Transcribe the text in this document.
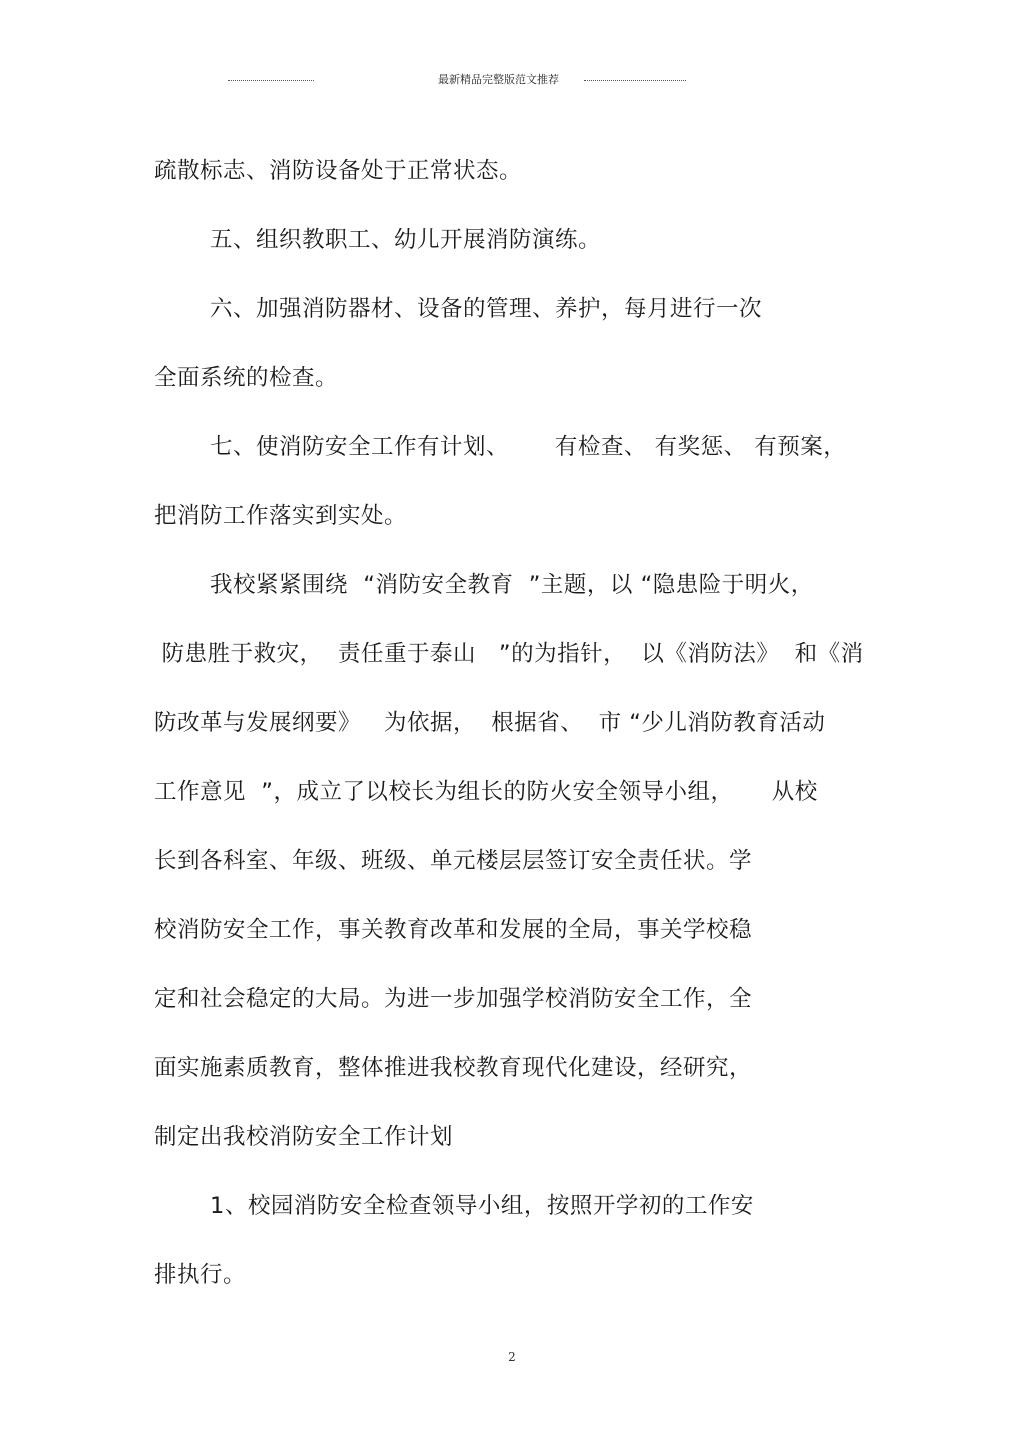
最新精品完整版范文推荐
疏散标志、消防设备处于正常状态。
五、组织教职工、幼儿开展消防演练。
六、加强消防器材、设备的管理、养护，每月进行一次
全面系统的检查。
七、使消防安全工作有计划、      有检查、 有奖惩、 有预案，
把消防工作落实到实处。
我校紧紧围绕  “消防安全教育  ”主题，以 “隐患险于明火，
防患胜于救灾，  责任重于泰山   ”的为指针，  以《消防法》  和《消
防改革与发展纲要》   为依据，  根据省、  市 “少儿消防教育活动
工作意见  ”，成立了以校长为组长的防火安全领导小组，     从校
长到各科室、年级、班级、单元楼层层签订安全责任状。学
校消防安全工作，事关教育改革和发展的全局，事关学校稳
定和社会稳定的大局。为进一步加强学校消防安全工作，全
面实施素质教育，整体推进我校教育现代化建设，经研究，
制定出我校消防安全工作计划
1、校园消防安全检查领导小组，按照开学初的工作安
排执行。
2
